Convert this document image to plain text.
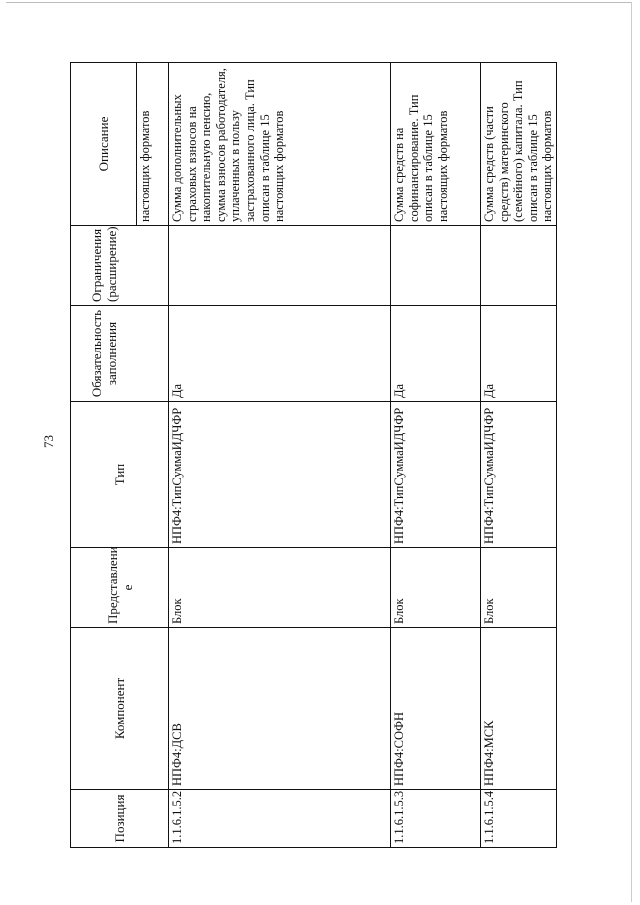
73
Позиция	Компонент	Представлени е	Тип	Обязательность заполнения	Ограничения (расширение)	Описание
						настоящих форматов
1.1.6.1.5.2	НПФ4:ДСВ	Блок	НПФ4:ТипСуммаИДЧФР	Да		Сумма дополнительных страховых взносов на накопительную пенсию, сумма взносов работодателя, уплаченных в пользу застрахованного лица. Тип описан в таблице 15 настоящих форматов
1.1.6.1.5.3	НПФ4:СОФН	Блок	НПФ4:ТипСуммаИДЧФР	Да		Сумма средств на софинансирование. Тип описан в таблице 15 настоящих форматов
1.1.6.1.5.4	НПФ4:МСК	Блок	НПФ4:ТипСуммаИДЧФР	Да		Сумма средств (части средств) материнского (семейного) капитала. Тип описан в таблице 15 настоящих форматов
